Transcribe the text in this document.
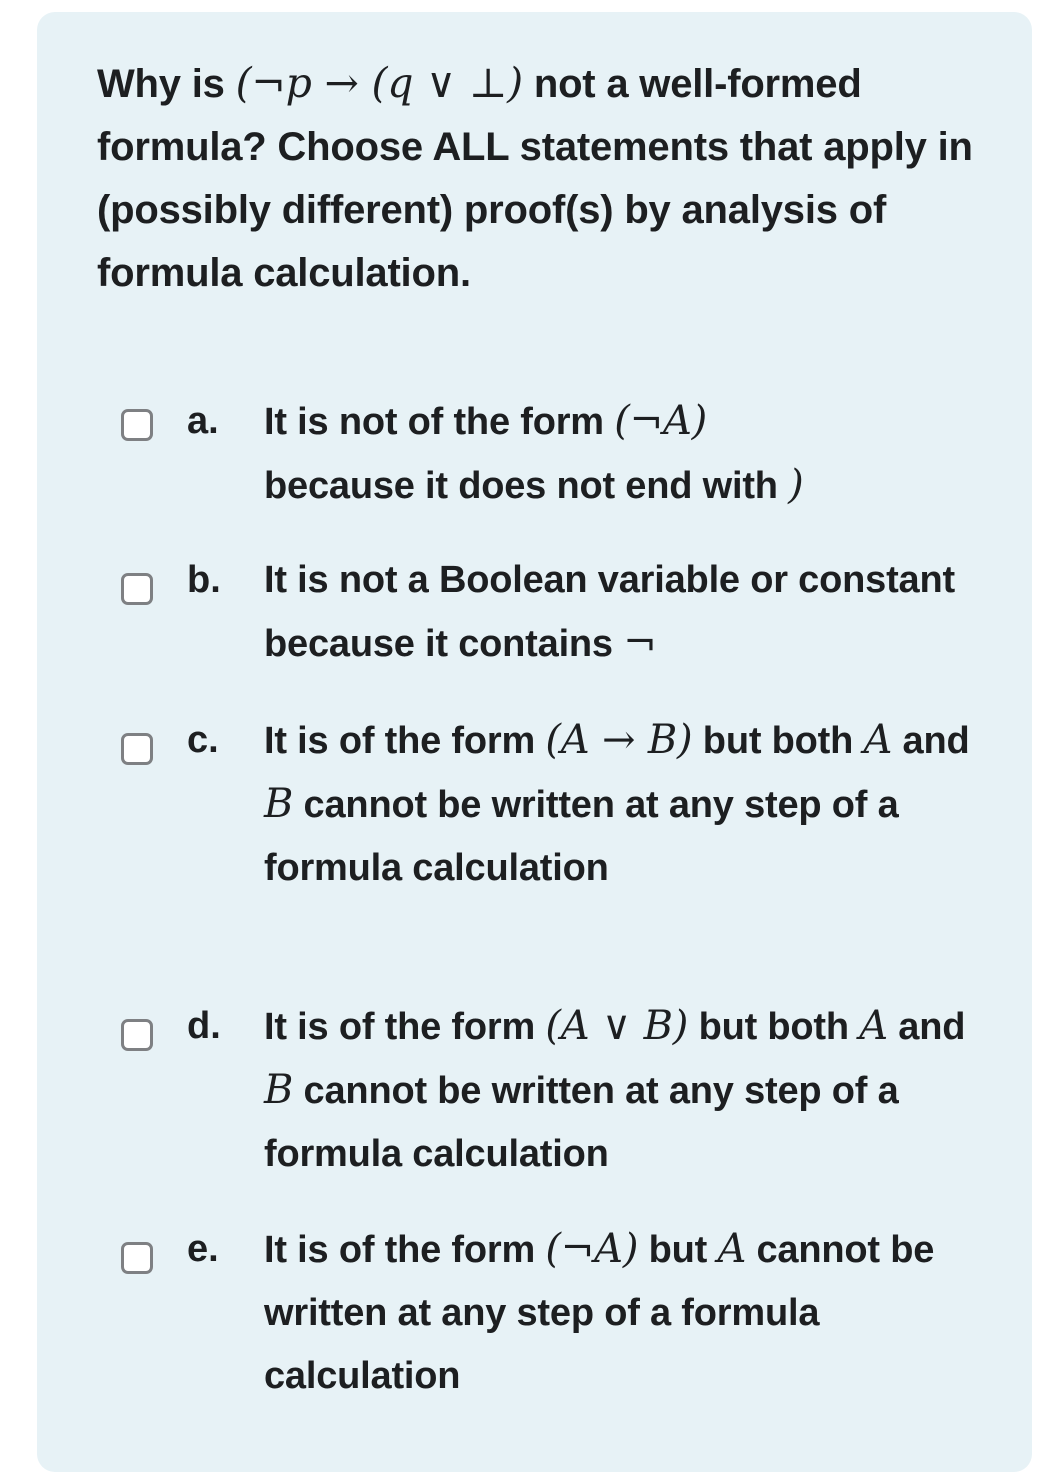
Why is (¬p → (q ∨ ⊥) not a well-formed formula? Choose ALL statements that apply in (possibly different) proof(s) by analysis of formula calculation.
a. It is not of the form (¬A)
because it does not end with )
b. It is not a Boolean variable or constant because it contains ¬
c. It is of the form (A → B) but both A and B cannot be written at any step of a formula calculation
d. It is of the form (A ∨ B) but both A and B cannot be written at any step of a formula calculation
e. It is of the form (¬A) but A cannot be written at any step of a formula calculation
